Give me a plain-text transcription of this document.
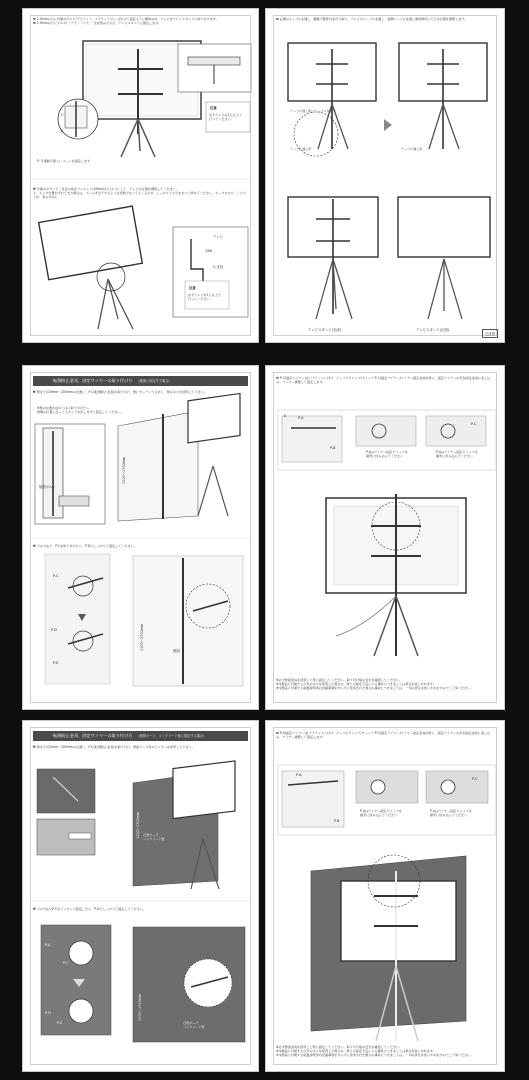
❸ 2.5mmの穴に付属のボルト/ブラケット、ブラケットでに 合わせて固定ようにBAVのゆ、テレビをテレビスタンドに取り付けます。
❸ 2.5mmの穴にアルギ/「ブラ」・「ブラ」・全を組み合わせ、テレビスタンドに固定します。
C
E
P: 3 個数で新しいコーンを固定します
注意
必ずテレビの2人以上で
行ってください。
❹ 付属のボタンで「目安の角がデンジャン(10mmほど)ようにして、テレビの位置を調整してください。
も、もしか位置がずれてきた場合は、ペールぎがデカるような状態でなくてもこるため、しっかりとネジをきつく締めてください。ポーチタの穴、ことスト中、本の方向に、
テレビ
C:支柱
15Ⅲ
注意
必ずテレビを2人以上で
行ってください。
❺ 必要のケーブルを通し、撮影不要部分を切り取り、テレビのケーブルを通し、装飾ケーブルを通し通常場所にてため位置を調整します。
テーブル通し用にケーブルを通す
テーブル通し用	テーブル通し用
テレビスタンド(完成)	テレビスタンド(正面)
完成図
転倒防止金具、固定ワイヤーの取り付け方 (壁面に固定する場合)
❶ 壁まで125mm〜200mmの位置に、P-C(転倒防止金具)を取り付け、壁にカーテンで止めて、壁のネジを使用して下さい。
※壁の位置を決めて床に取り付けたら、
壁側の位置に沿ってスタンドを戻し付けて固定してください。
1100〜1700mm
壁面ボルト
❷ 下の方法で、P-Cを取り付けたら、P-Dでしっかりと固定してください。
P-C
P-D
P-E
壁面
1100〜1700mm
❸ P-C(固定ワイヤー)をブラケットに付け、ケーブルクリップ/チューブ P-C(固定ワイヤー)ワイヤー固定金具を壁に、固定ワイヤーの先を固定金具に差し込み、ワイヤー調整して固定します。
P-A
P-B
P-C
E
P-Aはワイヤー固定クリップを
確実に挟み込んでください
P-Aはワイヤー固定クリップを
確実に挟み込んでください
※必ず壁面金具を使用して壁に固定してください。取り付け後の安全を確認してください。
※本製品に付属する以外のネジを使用した場合の、壁との固定不良による事故につきましては責任を負いかねます。
※本製品に付属する取扱説明書の記載事項を守らずに使用された場合の事故につきましては、一切の責任を負いかねますのでご了承ください。
転倒防止金具、固定ワイヤーの取り付け方 (壁紙ボード、コンクリート壁に固定する場合)
❶ 壁まで125mm〜200mmの位置に、P-C(転倒防止金具)を取り付け、壁面ボード用のアンカーを使用して下さい。
石膏ボード
コンクリート壁
1100〜1700mm
❷ 下の方法でP-Cをアンカーで固定したら、P-Dでしっかりと固定してください。
P-A
P-C
P-D
P-E	石膏ボード
コンクリート壁
1100〜1700mm
❸ P-A(固定ワイヤー)をブラケットに付け、ケーブルクリップ/チューブ P-C(固定ワイヤー)ワイヤー固定金具を壁に、固定ワイヤーの先を固定金具に差し込み、ワイヤー調整して固定します。
P-A
P-B
P-C
P-Aはワイヤー固定クリップを
確実に挟み込んでください
P-Aはワイヤー固定クリップを
確実に挟み込んでください
※必ず壁面金具を使用して壁に固定してください。取り付け後の安全を確認してください。
※本製品に付属する以外のネジを使用した場合の、壁との固定不良による事故につきましては責任を負いかねます。
※本製品に付属する取扱説明書の記載事項を守らずに使用された場合の事故につきましては、一切の責任を負いかねますのでご了承ください。
